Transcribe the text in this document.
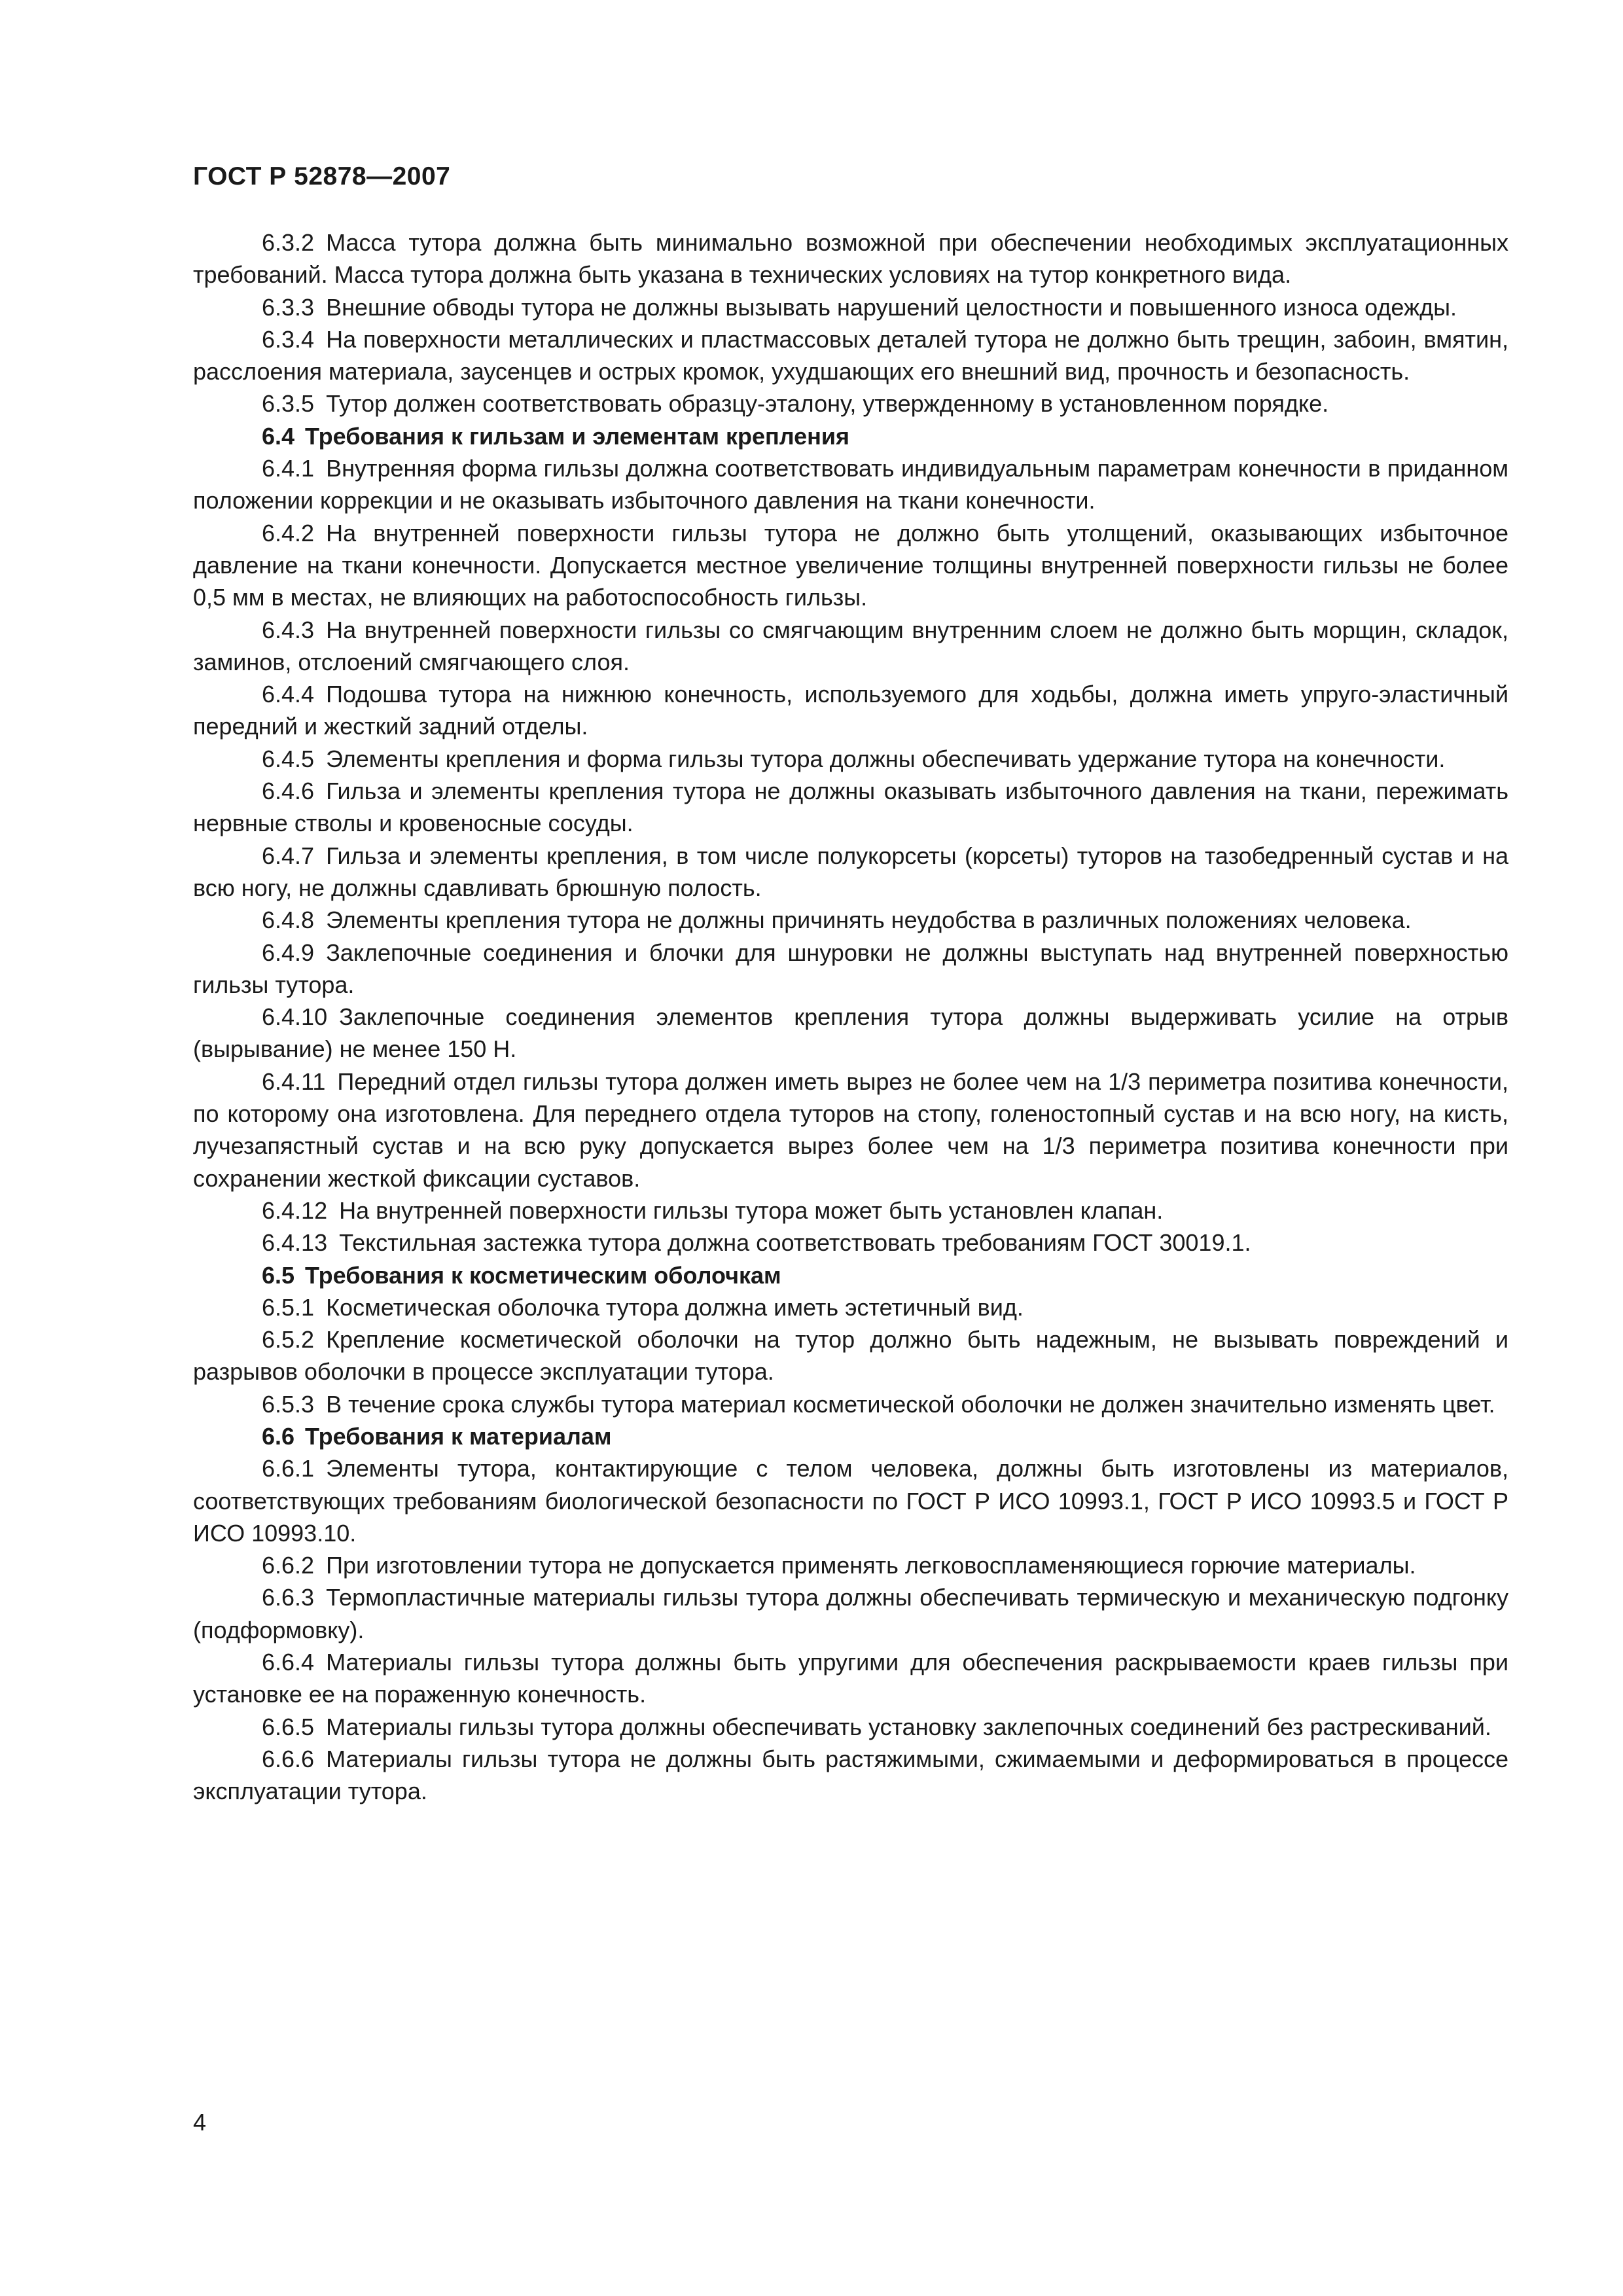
ГОСТ Р 52878—2007

6.3.2 Масса тутора должна быть минимально возможной при обеспечении необходимых эксплуатационных требований. Масса тутора должна быть указана в технических условиях на тутор конкретного вида.

6.3.3 Внешние обводы тутора не должны вызывать нарушений целостности и повышенного износа одежды.

6.3.4 На поверхности металлических и пластмассовых деталей тутора не должно быть трещин, забоин, вмятин, расслоения материала, заусенцев и острых кромок, ухудшающих его внешний вид, прочность и безопасность.

6.3.5 Тутор должен соответствовать образцу-эталону, утвержденному в установленном порядке.

6.4 Требования к гильзам и элементам крепления

6.4.1 Внутренняя форма гильзы должна соответствовать индивидуальным параметрам конечности в приданном положении коррекции и не оказывать избыточного давления на ткани конечности.

6.4.2 На внутренней поверхности гильзы тутора не должно быть утолщений, оказывающих избыточное давление на ткани конечности. Допускается местное увеличение толщины внутренней поверхности гильзы не более 0,5 мм в местах, не влияющих на работоспособность гильзы.

6.4.3 На внутренней поверхности гильзы со смягчающим внутренним слоем не должно быть морщин, складок, заминов, отслоений смягчающего слоя.

6.4.4 Подошва тутора на нижнюю конечность, используемого для ходьбы, должна иметь упруго-эластичный передний и жесткий задний отделы.

6.4.5 Элементы крепления и форма гильзы тутора должны обеспечивать удержание тутора на конечности.

6.4.6 Гильза и элементы крепления тутора не должны оказывать избыточного давления на ткани, пережимать нервные стволы и кровеносные сосуды.

6.4.7 Гильза и элементы крепления, в том числе полукорсеты (корсеты) туторов на тазобедренный сустав и на всю ногу, не должны сдавливать брюшную полость.

6.4.8 Элементы крепления тутора не должны причинять неудобства в различных положениях человека.

6.4.9 Заклепочные соединения и блочки для шнуровки не должны выступать над внутренней поверхностью гильзы тутора.

6.4.10 Заклепочные соединения элементов крепления тутора должны выдерживать усилие на отрыв (вырывание) не менее 150 Н.

6.4.11 Передний отдел гильзы тутора должен иметь вырез не более чем на 1/3 периметра позитива конечности, по которому она изготовлена. Для переднего отдела туторов на стопу, голеностопный сустав и на всю ногу, на кисть, лучезапястный сустав и на всю руку допускается вырез более чем на 1/3 периметра позитива конечности при сохранении жесткой фиксации суставов.

6.4.12 На внутренней поверхности гильзы тутора может быть установлен клапан.

6.4.13 Текстильная застежка тутора должна соответствовать требованиям ГОСТ 30019.1.

6.5 Требования к косметическим оболочкам

6.5.1 Косметическая оболочка тутора должна иметь эстетичный вид.

6.5.2 Крепление косметической оболочки на тутор должно быть надежным, не вызывать повреждений и разрывов оболочки в процессе эксплуатации тутора.

6.5.3 В течение срока службы тутора материал косметической оболочки не должен значительно изменять цвет.

6.6 Требования к материалам

6.6.1 Элементы тутора, контактирующие с телом человека, должны быть изготовлены из материалов, соответствующих требованиям биологической безопасности по ГОСТ Р ИСО 10993.1, ГОСТ Р ИСО 10993.5 и ГОСТ Р ИСО 10993.10.

6.6.2 При изготовлении тутора не допускается применять легковоспламеняющиеся горючие материалы.

6.6.3 Термопластичные материалы гильзы тутора должны обеспечивать термическую и механическую подгонку (подформовку).

6.6.4 Материалы гильзы тутора должны быть упругими для обеспечения раскрываемости краев гильзы при установке ее на пораженную конечность.

6.6.5 Материалы гильзы тутора должны обеспечивать установку заклепочных соединений без растрескиваний.

6.6.6 Материалы гильзы тутора не должны быть растяжимыми, сжимаемыми и деформироваться в процессе эксплуатации тутора.

4
